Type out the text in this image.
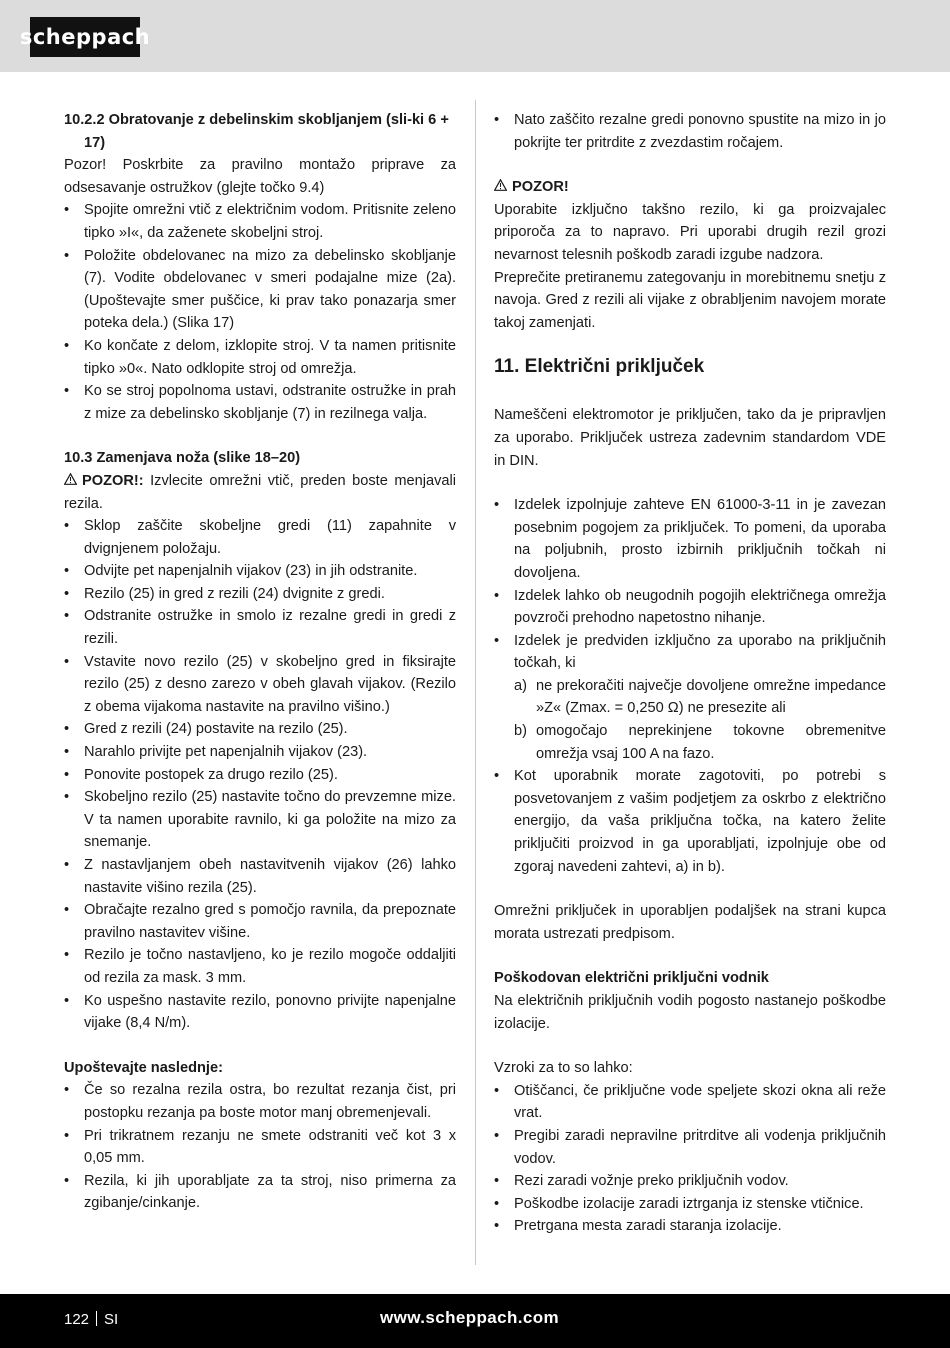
scheppach

10.2.2 Obratovanje z debelinskim skobljanjem (sli-ki 6 + 17)

Pozor! Poskrbite za pravilno montažo priprave za odsesavanje ostružkov (glejte točko 9.4)

• Spojite omrežni vtič z električnim vodom. Pritisnite zeleno tipko »I«, da zaženete skobeljni stroj.
• Položite obdelovanec na mizo za debelinsko skobljanje (7). Vodite obdelovanec v smeri podajalne mize (2a). (Upoštevajte smer puščice, ki prav tako ponazarja smer poteka dela.) (Slika 17)
• Ko končate z delom, izklopite stroj. V ta namen pritisnite tipko »0«. Nato odklopite stroj od omrežja.
• Ko se stroj popolnoma ustavi, odstranite ostružke in prah z mize za debelinsko skobljanje (7) in rezilnega valja.

10.3 Zamenjava noža (slike 18–20)

POZOR!: Izvlecite omrežni vtič, preden boste menjavali rezila.

• Sklop zaščite skobeljne gredi (11) zapahnite v dvignjenem položaju.
• Odvijte pet napenjalnih vijakov (23) in jih odstranite.
• Rezilo (25) in gred z rezili (24) dvignite z gredi.
• Odstranite ostružke in smolo iz rezalne gredi in gredi z rezili.
• Vstavite novo rezilo (25) v skobeljno gred in fiksirajte rezilo (25) z desno zarezo v obeh glavah vijakov. (Rezilo z obema vijakoma nastavite na pravilno višino.)
• Gred z rezili (24) postavite na rezilo (25).
• Narahlo privijte pet napenjalnih vijakov (23).
• Ponovite postopek za drugo rezilo (25).
• Skobeljno rezilo (25) nastavite točno do prevzemne mize. V ta namen uporabite ravnilo, ki ga položite na mizo za snemanje.
• Z nastavljanjem obeh nastavitvenih vijakov (26) lahko nastavite višino rezila (25).
• Obračajte rezalno gred s pomočjo ravnila, da prepoznate pravilno nastavitev višine.
• Rezilo je točno nastavljeno, ko je rezilo mogoče oddaljiti od rezila za mask. 3 mm.
• Ko uspešno nastavite rezilo, ponovno privijte napenjalne vijake (8,4 N/m).

Upoštevajte naslednje:

• Če so rezalna rezila ostra, bo rezultat rezanja čist, pri postopku rezanja pa boste motor manj obremenjevali.
• Pri trikratnem rezanju ne smete odstraniti več kot 3 x 0,05 mm.
• Rezila, ki jih uporabljate za ta stroj, niso primerna za zgibanje/cinkanje.
• Nato zaščito rezalne gredi ponovno spustite na mizo in jo pokrijte ter pritrdite z zvezdastim ročajem.

POZOR!

Uporabite izključno takšno rezilo, ki ga proizvajalec priporoča za to napravo. Pri uporabi drugih rezil grozi nevarnost telesnih poškodb zaradi izgube nadzora.

Preprečite pretiranemu zategovanju in morebitnemu snetju z navoja. Gred z rezili ali vijake z obrabljenim navojem morate takoj zamenjati.

11. Električni priključek

Nameščeni elektromotor je priključen, tako da je pripravljen za uporabo. Priključek ustreza zadevnim standardom VDE in DIN.

• Izdelek izpolnjuje zahteve EN 61000-3-11 in je zavezan posebnim pogojem za priključek. To pomeni, da uporaba na poljubnih, prosto izbirnih priključnih točkah ni dovoljena.
• Izdelek lahko ob neugodnih pogojih električnega omrežja povzroči prehodno napetostno nihanje.
• Izdelek je predviden izključno za uporabo na priključnih točkah, ki
a) ne prekoračiti največje dovoljene omrežne impedance »Z« (Zmax. = 0,250 Ω) ne presezite ali
b) omogočajo neprekinjene tokovne obremenitve omrežja vsaj 100 A na fazo.
• Kot uporabnik morate zagotoviti, po potrebi s posvetovanjem z vašim podjetjem za oskrbo z električno energijo, da vaša priključna točka, na katero želite priključiti proizvod in ga uporabljati, izpolnjuje obe od zgoraj navedeni zahtevi, a) in b).

Omrežni priključek in uporabljen podaljšek na strani kupca morata ustrezati predpisom.

Poškodovan električni priključni vodnik

Na električnih priključnih vodih pogosto nastanejo poškodbe izolacije.

Vzroki za to so lahko:

• Otiščanci, če priključne vode speljete skozi okna ali reže vrat.
• Pregibi zaradi nepravilne pritrditve ali vodenja priključnih vodov.
• Rezi zaradi vožnje preko priključnih vodov.
• Poškodbe izolacije zaradi iztrganja iz stenske vtičnice.
• Pretrgana mesta zaradi staranja izolacije.
122 SI	www.scheppach.com
